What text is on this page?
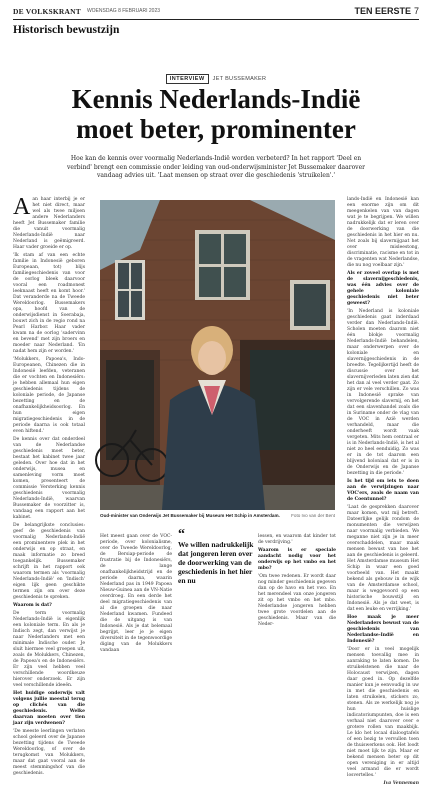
DE VOLKSKRANT WOENSDAG 8 FEBRUARI 2023	TEN EERSTE 7
Historisch bewustzijn
INTERVIEW	JET BUSSEMAKER
Kennis Nederlands-Indië
moet beter, prominenter

Hoe kan de kennis over voormalig Nederlands-Indië worden verbeterd? In het rapport 'Deel en verbind' brengt een commissie onder leiding van oud-onderwijsminister Jet Bussemaker daarover vandaag advies uit. 'Laat mensen op straat over die geschiedenis 'struikelen'.'

Aan haar interbij je er het niet direct, maar wel als twee miljoen andere Nederlanders heeft Jet Bussemaker familie die vanuit voormalig Nederlands-Indië naar Nederland is geëmigreerd. Haar vader groeide er op.

'Ik stam af van een echte familie in Indonesië geboren Europeaan, tot) blijs familiegeschiedenis van voor de oorlog bleek daarvoor vooral een roadmonest leeknaast heeft en komt hoor.' Dat veranderde na de Tweede Wereldoorlog. Bussemakers opa, hoofd van de onderwijsdienst in Soerabaja, bouwt zich in de regio rond na Pearl Harbor. Haar vader kwam na de oorlog 'sadervinn en bevend' met zijn broers en moeder naar Nederland. 'En nadat hem zijn er worden.'

'Molukkers, Papoea's, Indo-Europeanen, Chinezen die in Indonesië leefden, veteranen die er vochten en Indonesiërs: je hebben allemaal hun eigen geschiedenis tijdens de koloniale periode, de Japanse bezetting en de onafhankelijkheidsoorlog. En hun eigen migratiegeschiedenis in de periode daarna is ook totaal even hiftend.'

De kennis over dat onderdeel van de Nederlandse geschiedenis moet beter, bestaat het kabinet twee jaar geleden. Over hoe dat in het onderwijs, musea en samenleving vorm moet komen, presenteert de commissie Versterking kennis geschiedenis voormalig Nederlands-Indië, waarvan Bussemaker de voorzitter is, vandaag een rapport aan het kabinet.

De belangrijkste conclusies: geef de geschiedenis van voormalig Nederlands-Indië een prominentere plek in het onderwijs en op straat, en maak informatie zo breed toegankelijk. Bussemaker schrijft in het rapport ook waarom termen als 'voormalig Nederlands-Indië' en 'Indisch' eigen lijk geen geschikte termen zijn om over deze geschiedenis te spreken.

Waarom is dat?

De term voormalig Nederlands-Indië is eigenlijk een koloniale term. En als je Indisch zegt, dan verwijst je naar Nederlanders met een minimale Indische ouder. Je sluit hiermee veel groepen uit, zoals de Molukkers, Chinezen, de Papoea's en de Indonesiërs. Er zijn veel hebben veel verschillende woordkeuze hierover onderzoek. Er zijn veel verschillende ideeën.

Het huidige onderwijs valt volgens jullie meestal terug op clichés van die geschiedenis. Welke daarvan moeten over tien jaar zijn verdwenen?

'De meeste leerlingen verlaten school geleerd over de Japanse bezetting tijdens de Tweede Wereldoorlog, of over de terugkomst van Molukkers, maar dat gaat vooral aan de meest stemmingshof van die geschiedenis.

Oud-minister van Onderwijs Jet Bussemaker bij Museum Het Schip in Amsterdam. Foto Ivo van der Bent

Het meest gaan over de VOC-periode, over kolonialisme, over de Tweede Wereldoorlog, de Bersiap-periode de frustratie bij de Indonesiërs, de lange onafhankelijkheidstrijd en de periode daarna, waarin Nederland pas in 1949 Papoea Nieuw-Guinea aan de VN-Natie overdroeg. En een derde het deel migratiegeschiedenis van al die groepen die naar Nederland kwamen. Fundeed die de uitgang is van Indonesië. Als je dat belemaal begrijpt, leer je je eigen diversiteit in de tegenwoordige diging van de Molukkers vandaan

“
We willen nadrukkelijk dat jongeren leren over de doorwerking van de geschiedenis in het hier en nu

lessen, en waarom dat kinder tot de verdrijving.'

Waarom is er speciale aandacht nodig voor het onderwijs op het vmbo en het mbo?

'Om twee redenen. Er wordt daar nog minder geschiedenis gegeven dan op de havo en het vwo. En het merendeel van onze jongeren zit op het vmbo en het mbo. Nederlandse jongeren hebben twee grote voordelen aan de geschiedenis. Maar van die Neder-

lands-Indië en Indonesië kan een enorme zijn om dit meegenkelen van van dagen wat je te begrijpen. We willen nadrukkelijk dat er leren over de doorwerking van die geschiedenis in het hier en nu. Net zoals bij slavernijgaat het over misleestong, discriminatie, racisme en tot in de vragenten wat Nederlandse, die nu nog voelbaar zijn.'

Als er zoveel overlap is met de slavernijgeschiedenis, was één advies over de gehele koloniale geschiedenis niet beter geweest?

'In Nederland is koloniale geschiedenis gaat inderdaad verder dan Nederlands-Indië. Scholen moeten daarom niet één blokje voormalig Nederlands-Indië behandelen, maar onderwerpen over de koloniale en slavernijgeschiedenis in de breedte. Tegelijkertijd heeft de discussie over het slavernijverleden laten zien dat het dan al veel verder gaat. Zo zijn er vele verschillen. Zo was in Indonesië sprake van vervolgerende slavernij, en het dat een slavenhandel zoals die in Suriname onder de vlag van de VOC in Azië werden verhandeld, maar die onderheeft wordt vaak vergeten. Mits hem centraal er is in Nederlands-Indië, is het al niet zo heel eenduidig. Zo was er in de tot daarom een blijvend koloniaal dat er is in de Onderwijs en de Japanse bezetting in die periode.'

Is het tijd om iets te doen aan de verwijzingen naar VOC'ers, zoals de naam van de Coentunnel?

'Laat de gesprekken daarover maar komen, wat mij betreft. Dateerlijke gelijk rondom de monumenten die verwijzen naar voormalig verbieden. We meganne niet zijn je in meer overschaddelen, maar maak mensen bewust van hoe het aan de geschiedenis is geleerd. Het Amsterdamse museum Het Schip in waar een goed voorbeeld van. Het maakt bekend als gebouw in de wijk van de Amsterdamse school, maar is weggevoord op een historische bouwstijl en Indonesië. Als je dat weet, is dat een leuke en verrijking.'

Hoe maak je meer Nederlanders bewust van de geschiedenis van Nederlandse-Indië en Indonesië?

'Door er in veel mogelijk mensen toevallig mee in aanraking te laten komen. De struikelstenen die naar de Holocaust verwijzen, dagen daar goed in. Op dezelfde manier kun je eenvoudig in uw in met die geschiedenis en laten struikelen, stickers zo, stenen. Als ze werkelijk nog je hun huislige indicatoriumpunten, doe is een verhaal niet daarover over e grotere rollen van maakbijk. Le klo het locaal dialoogtafels of een bezig te vervullen toen de thuiswerkens ook. Het loodt niet moet lijk te zijn. Maar er bekend mensen beter op dit open vereniging in er altijd veel armand die er wordt losvertelles.'

Iva Venneman
